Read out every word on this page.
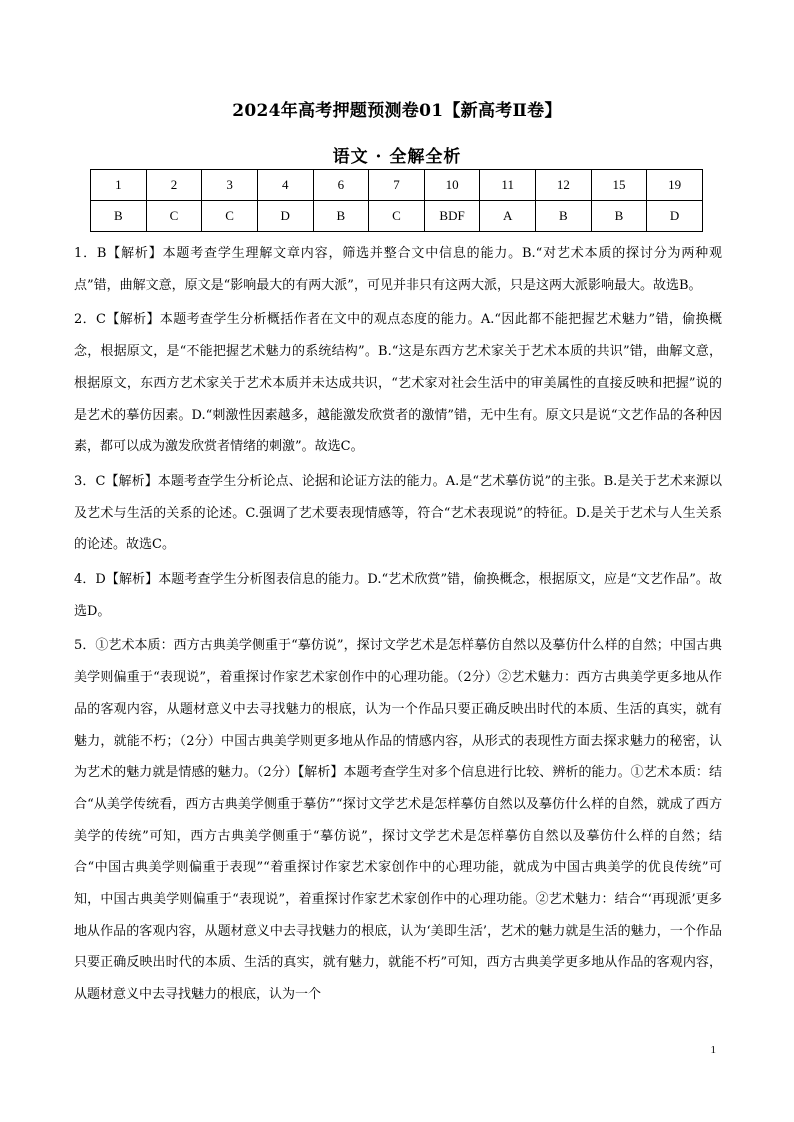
2024年高考押题预测卷01【新高考Ⅱ卷】
语文 · 全解全析
1	2	3	4	6	7	10	11	12	15	19
B	C	C	D	B	C	BDF	A	B	B	D

1．B【解析】本题考查学生理解文章内容，筛选并整合文中信息的能力。B.“对艺术本质的探讨分为两种观点”错，曲解文意，原文是“影响最大的有两大派”，可见并非只有这两大派，只是这两大派影响最大。故选B。

2．C【解析】本题考查学生分析概括作者在文中的观点态度的能力。A.“因此都不能把握艺术魅力”错，偷换概念，根据原文，是“不能把握艺术魅力的系统结构”。B.“这是东西方艺术家关于艺术本质的共识”错，曲解文意，根据原文，东西方艺术家关于艺术本质并未达成共识，“艺术家对社会生活中的审美属性的直接反映和把握”说的是艺术的摹仿因素。D.“刺激性因素越多，越能激发欣赏者的激情”错，无中生有。原文只是说“文艺作品的各种因素，都可以成为激发欣赏者情绪的刺激”。故选C。

3．C【解析】本题考查学生分析论点、论据和论证方法的能力。A.是“艺术摹仿说”的主张。B.是关于艺术来源以及艺术与生活的关系的论述。C.强调了艺术要表现情感等，符合“艺术表现说”的特征。D.是关于艺术与人生关系的论述。故选C。

4．D【解析】本题考查学生分析图表信息的能力。D.“艺术欣赏”错，偷换概念，根据原文，应是“文艺作品”。故选D。

5．①艺术本质：西方古典美学侧重于“摹仿说”，探讨文学艺术是怎样摹仿自然以及摹仿什么样的自然；中国古典美学则偏重于“表现说”，着重探讨作家艺术家创作中的心理功能。（2分）②艺术魅力：西方古典美学更多地从作品的客观内容，从题材意义中去寻找魅力的根底，认为一个作品只要正确反映出时代的本质、生活的真实，就有魅力，就能不朽；（2分）中国古典美学则更多地从作品的情感内容，从形式的表现性方面去探求魅力的秘密，认为艺术的魅力就是情感的魅力。（2分）【解析】本题考查学生对多个信息进行比较、辨析的能力。①艺术本质：结合“从美学传统看，西方古典美学侧重于摹仿”“探讨文学艺术是怎样摹仿自然以及摹仿什么样的自然，就成了西方美学的传统”可知，西方古典美学侧重于“摹仿说”，探讨文学艺术是怎样摹仿自然以及摹仿什么样的自然；结合“中国古典美学则偏重于表现”“着重探讨作家艺术家创作中的心理功能，就成为中国古典美学的优良传统”可知，中国古典美学则偏重于“表现说”，着重探讨作家艺术家创作中的心理功能。②艺术魅力：结合“‘再现派’更多地从作品的客观内容，从题材意义中去寻找魅力的根底，认为‘美即生活’，艺术的魅力就是生活的魅力，一个作品只要正确反映出时代的本质、生活的真实，就有魅力，就能不朽”可知，西方古典美学更多地从作品的客观内容，从题材意义中去寻找魅力的根底，认为一个

1
